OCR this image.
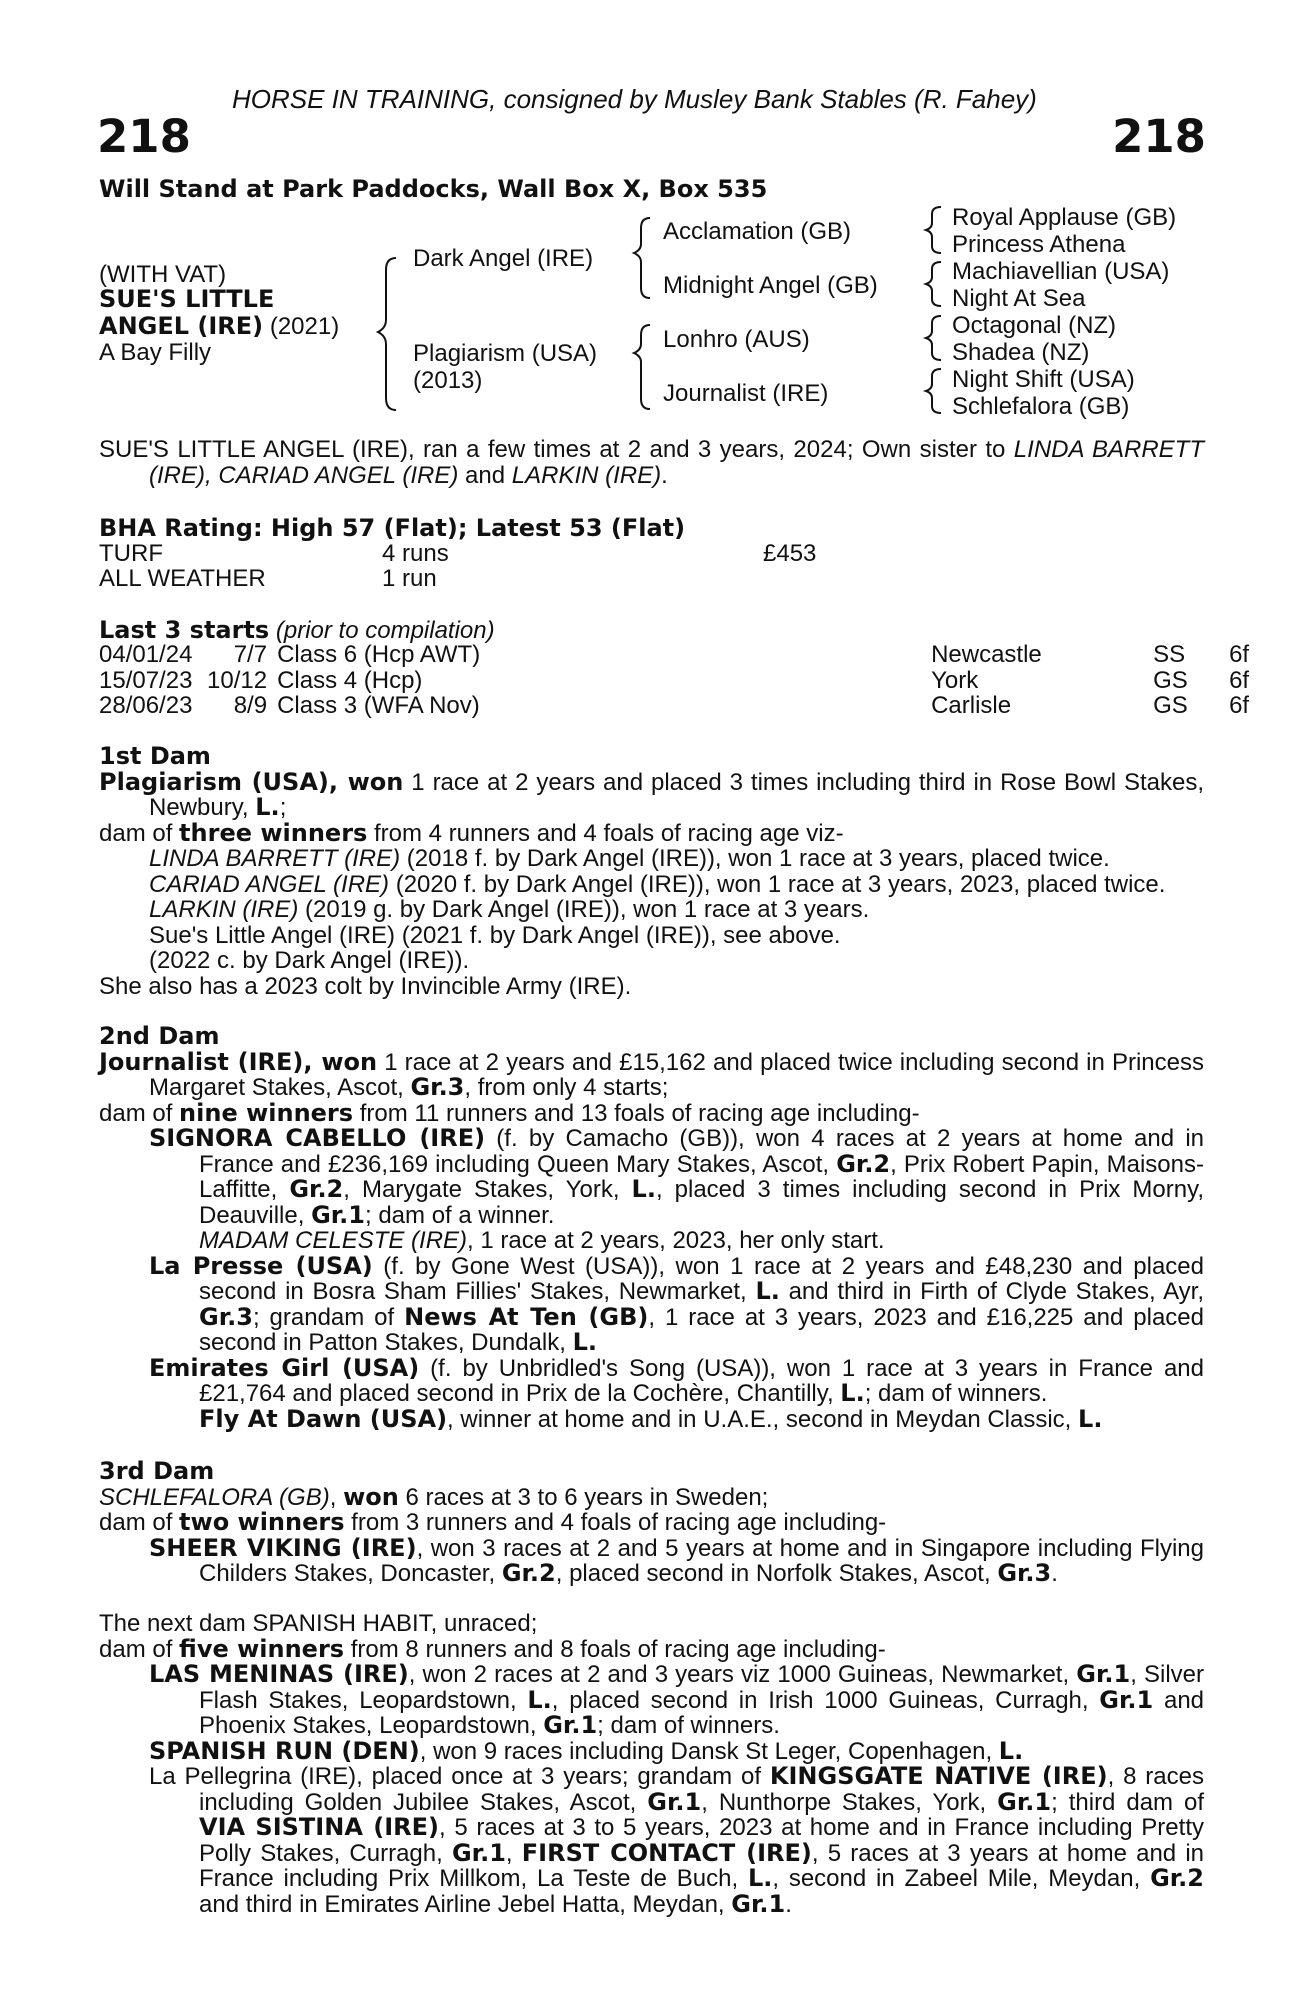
HORSE IN TRAINING, consigned by Musley Bank Stables (R. Fahey)
218	218
Will Stand at Park Paddocks, Wall Box X, Box 535
(WITH VAT)
SUE'S LITTLE
ANGEL (IRE) (2021)
A Bay Filly
Dark Angel (IRE)
Plagiarism (USA)
(2013)
Acclamation (GB)
Midnight Angel (GB)
Lonhro (AUS)
Journalist (IRE)
Royal Applause (GB)
Princess Athena
Machiavellian (USA)
Night At Sea
Octagonal (NZ)
Shadea (NZ)
Night Shift (USA)
Schlefalora (GB)

SUE'S LITTLE ANGEL (IRE), ran a few times at 2 and 3 years, 2024; Own sister to LINDA BARRETT (IRE), CARIAD ANGEL (IRE) and LARKIN (IRE).

BHA Rating: High 57 (Flat); Latest 53 (Flat)
TURF	4 runs	£453
ALL WEATHER	1 run
Last 3 starts (prior to compilation)
04/01/24	7/7	Class 6 (Hcp AWT)	Newcastle	SS	6f
15/07/23	10/12	Class 4 (Hcp)	York	GS	6f
28/06/23	8/9	Class 3 (WFA Nov)	Carlisle	GS	6f

1st Dam

Plagiarism (USA), won 1 race at 2 years and placed 3 times including third in Rose Bowl Stakes, Newbury, L.;

dam of three winners from 4 runners and 4 foals of racing age viz-

LINDA BARRETT (IRE) (2018 f. by Dark Angel (IRE)), won 1 race at 3 years, placed twice.

CARIAD ANGEL (IRE) (2020 f. by Dark Angel (IRE)), won 1 race at 3 years, 2023, placed twice.

LARKIN (IRE) (2019 g. by Dark Angel (IRE)), won 1 race at 3 years.

Sue's Little Angel (IRE) (2021 f. by Dark Angel (IRE)), see above.

(2022 c. by Dark Angel (IRE)).

She also has a 2023 colt by Invincible Army (IRE).

2nd Dam

Journalist (IRE), won 1 race at 2 years and £15,162 and placed twice including second in Princess Margaret Stakes, Ascot, Gr.3, from only 4 starts;

dam of nine winners from 11 runners and 13 foals of racing age including-

SIGNORA CABELLO (IRE) (f. by Camacho (GB)), won 4 races at 2 years at home and in France and £236,169 including Queen Mary Stakes, Ascot, Gr.2, Prix Robert Papin, Maisons-Laffitte, Gr.2, Marygate Stakes, York, L., placed 3 times including second in Prix Morny, Deauville, Gr.1; dam of a winner.

MADAM CELESTE (IRE), 1 race at 2 years, 2023, her only start.

La Presse (USA) (f. by Gone West (USA)), won 1 race at 2 years and £48,230 and placed second in Bosra Sham Fillies' Stakes, Newmarket, L. and third in Firth of Clyde Stakes, Ayr, Gr.3; grandam of News At Ten (GB), 1 race at 3 years, 2023 and £16,225 and placed second in Patton Stakes, Dundalk, L.

Emirates Girl (USA) (f. by Unbridled's Song (USA)), won 1 race at 3 years in France and £21,764 and placed second in Prix de la Cochère, Chantilly, L.; dam of winners.

Fly At Dawn (USA), winner at home and in U.A.E., second in Meydan Classic, L.

3rd Dam

SCHLEFALORA (GB), won 6 races at 3 to 6 years in Sweden;

dam of two winners from 3 runners and 4 foals of racing age including-

SHEER VIKING (IRE), won 3 races at 2 and 5 years at home and in Singapore including Flying Childers Stakes, Doncaster, Gr.2, placed second in Norfolk Stakes, Ascot, Gr.3.

The next dam SPANISH HABIT, unraced;

dam of five winners from 8 runners and 8 foals of racing age including-

LAS MENINAS (IRE), won 2 races at 2 and 3 years viz 1000 Guineas, Newmarket, Gr.1, Silver Flash Stakes, Leopardstown, L., placed second in Irish 1000 Guineas, Curragh, Gr.1 and Phoenix Stakes, Leopardstown, Gr.1; dam of winners.

SPANISH RUN (DEN), won 9 races including Dansk St Leger, Copenhagen, L.

La Pellegrina (IRE), placed once at 3 years; grandam of KINGSGATE NATIVE (IRE), 8 races including Golden Jubilee Stakes, Ascot, Gr.1, Nunthorpe Stakes, York, Gr.1; third dam of VIA SISTINA (IRE), 5 races at 3 to 5 years, 2023 at home and in France including Pretty Polly Stakes, Curragh, Gr.1, FIRST CONTACT (IRE), 5 races at 3 years at home and in France including Prix Millkom, La Teste de Buch, L., second in Zabeel Mile, Meydan, Gr.2 and third in Emirates Airline Jebel Hatta, Meydan, Gr.1.
